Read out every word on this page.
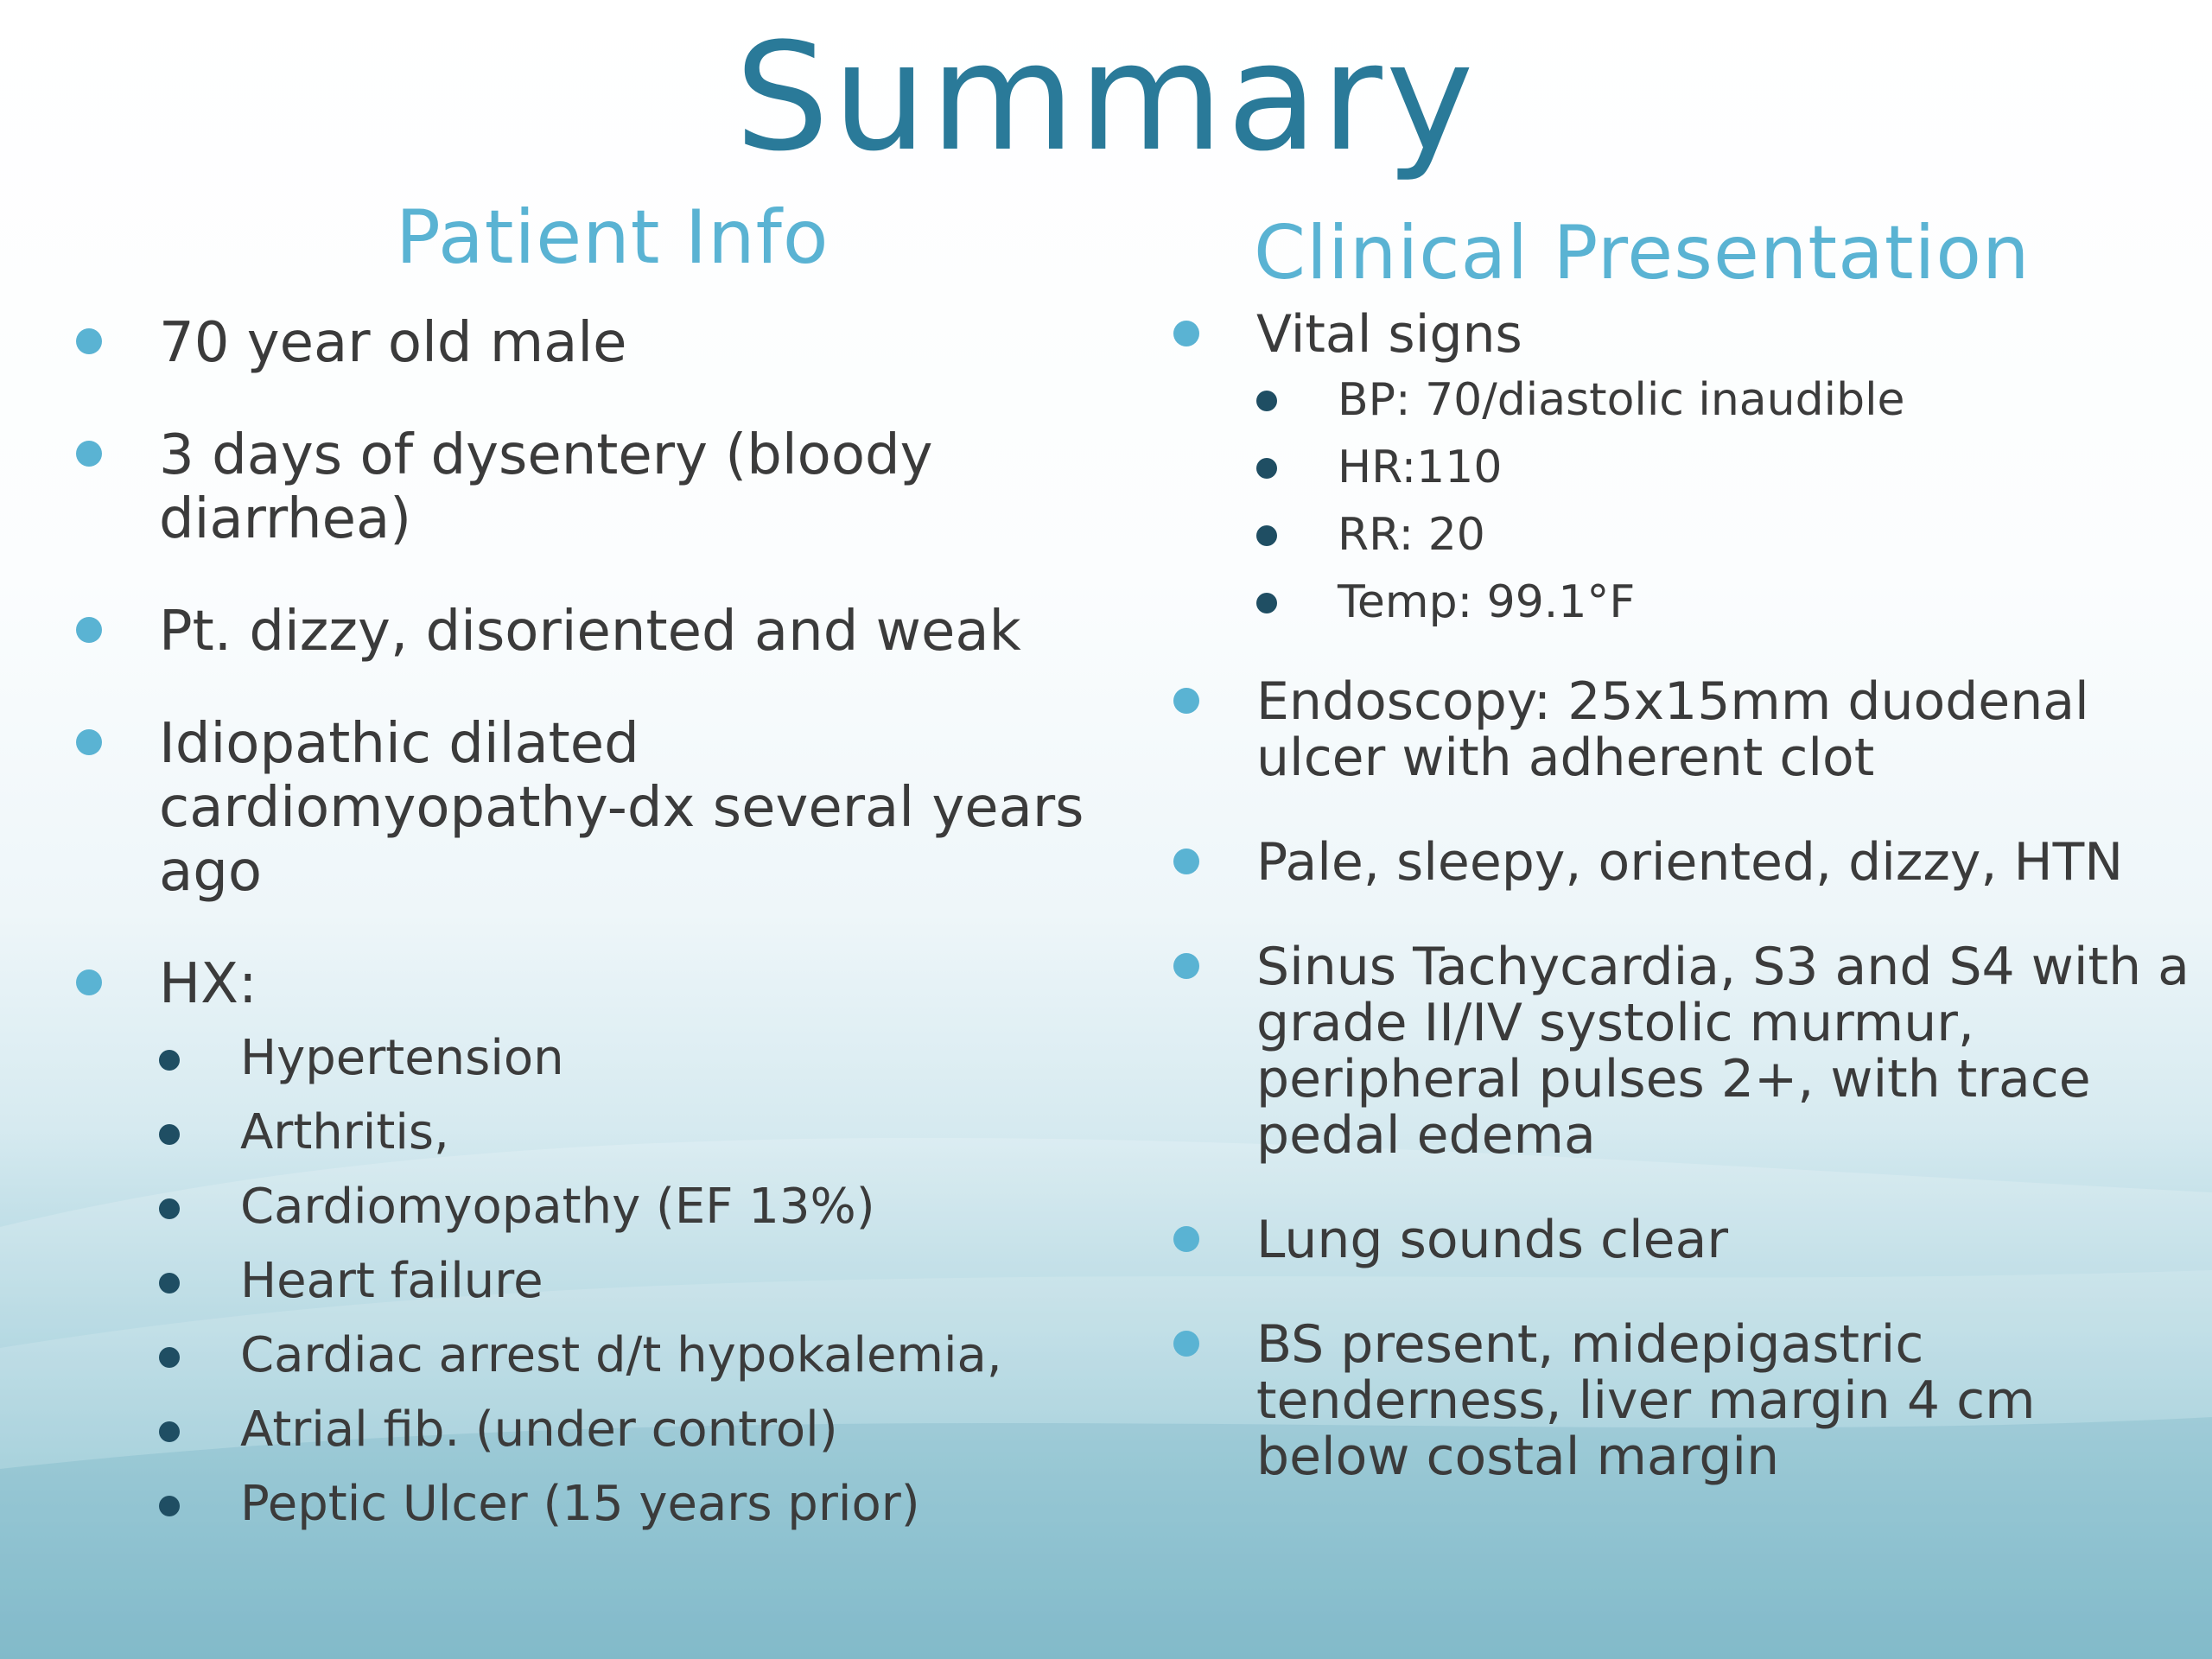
Summary
Patient Info
70 year old male
3 days of dysentery (bloody diarrhea)
Pt. dizzy, disoriented and weak
Idiopathic dilated cardiomyopathy-dx several years ago
HX:
Hypertension
Arthritis,
Cardiomyopathy (EF 13%)
Heart failure
Cardiac arrest d/t hypokalemia,
Atrial fib. (under control)
Peptic Ulcer (15 years prior)
Clinical Presentation
Vital signs
BP: 70/diastolic inaudible
HR:110
RR: 20
Temp: 99.1°F
Endoscopy: 25x15mm duodenal ulcer with adherent clot
Pale, sleepy, oriented, dizzy, HTN
Sinus Tachycardia, S3 and S4 with a grade II/IV systolic murmur, peripheral pulses 2+, with trace pedal edema
Lung sounds clear
BS present, midepigastric tenderness, liver margin 4 cm below costal margin
